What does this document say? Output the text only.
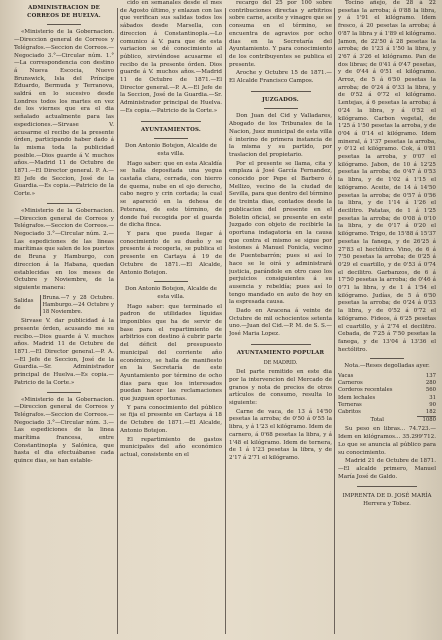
ADMINISTRACION DE CORREOS DE HUELVA.

«Ministerio de la Gobernacion.—Direccion general de Correos y Telégrafos.—Seccion de Correos.—Negociado 3.°—Circular núm. 1.°—La correspondencia con destino á Nueva Escocia, Nuevo Brunswick, Isla del Príncipe Eduardo, Bermuda y Terranova, saldrá en lo sucesivo desde Londres todos los martes en vez de los viernes que era el dia señalado actualmente para las espediciones.—Sirvase V. acusarme el recibo de la presente órden, participando haber dado á la misma toda la publicidad posible.—Dios guarde á V. muchos años.—Madrid 11 de Octubre de 1871.—El Director general. P. A.—El Jefe de Seccion, José de la Guardia.—Es copia.—Patricio de la Corte.»

«Ministerio de la Gobernacion.—Direccion general de Correos y Telégrafos.—Seccion de Correos.—Negociado 3.°—Circular núm. 2.—Las espediciones de las lineas marítimas que salen de los puertos de Bruna y Hamburgo, con direccion á la Habana, quedan establecidas en los meses de Octubre y Noviembre, de la siguiente manera:

Salidas de	Bruna.—7 y 28 Octubre. Hamburgo.—24 Octubre y 18 Noviembre.

Sirvase V. dar publicidad á la presente órden, acusando me su recibo.—Dios guarde á V. muchos años. Madrid 11 de Octubre de 1871.—El Director general.—P. A.—El Jefe de Seccion, José de la Guardia.—Sr. Administrador principal de Huelva.—Es copia.—Patricio de la Corte.»

«Ministerio de la Gobernacion.—Direccion general de Correos y Telégrafos.—Seccion de Correos.—Negociado 3.°—Circular núm. 3.—Las espediciones de la linea marítima francesa, entre Constantinopla y Salónica, que hasta el dia efectuábanse cada quince dias, se han estable-

cido en semanales desde el mes de Agosto último, y enlazan con las que verifican sus salidas todos los sábados desde Marsella, con direccion á Constantinopla.—Lo comunico á V. para que de esta variacion se dé conocimiento al público, sirviéndose acusarme el recibo de la presente órden. Dios guarde á V. muchos años.—Madrid 11 de Octubre de 1871.—El Director general.—P. A.—El Jefe de la Seccion, José de la Guardia.—Sr. Administrador principal de Huelva.—Es copia.—Patricio de la Corte.»

AYUNTAMIENTOS.

Don Antonio Botejon, Alcalde de esta villa.

Hago saber: que en esta Alcaldía se halla depositada una yegua castaña clara, cerrada, con hierro de quema, nube en el ojo derecho, cabo negro y crin cortada; la cual se apareció en la dehesa de Peterana, de este término, de donde fué recogida por el guarda de dicha finca.

Y para que pueda llegar á conocimiento de su dueño y se presente á recogerla, se publica el presente en Cartaya á 19 de Octubre de 1871.—El Alcalde, Antonio Botejon.

Don Antonio Botejon, Alcalde de esta villa.

Hago saber: que terminado el padron de utilidades líquidas imponibles que ha de servir de base para el repartimiento de arbitrios con destino á cubrir parte del déficit del presupuesto municipal del corriente año económico, se halla de manifiesto en la Secretaría de este Ayuntamiento por término de ocho dias para que los interesados puedan hacer las reclamaciones que juzguen oportunas.

Y para conocimiento del público se fija el presente en Cartaya á 18 de Octubre de 1871.—El Alcalde, Antonio Botejon.

El repartimiento de gastos municipales del año económico actual, consistente en el

recargo del 25 por 100 sobre contribuciones directas y arbitrios sobre carne, aceite y vinagre que se consuma en el término, se encuentra de agravios por ocho dias en la Secretaría del Ayuntamiento. Y para conocimiento de los contribuyentes se publica el presente.

Aroche y Octubre 15 de 1871.—El Alcalde Francisco Campos.

JUZGADOS.

Don Juan del Cid y Valladares, Abogado de los Tribunales de la Nacion, Juez municipal de esta villa é interino de primera instancia de la misma y su partido, por traslacion del propietario.

Por el presente se llama, cita y emplaza á José García Fernandez, conocido por Pepe el Barbero ó Mellizo, vecino de la ciudad de Sevilla, para que dentro del término de treinta dias, contados desde la publicacion del presente en el Boletin oficial, se presente en este Juzgado con objeto de recibirle la oportuna indagatoria en la causa que contra el mismo se sigue por lesiones á Manuel Fonicla, vecino de Puentebarrón; pues si así lo hace se le oirá y administrará justicia, parándole en otro caso los perjuicios consiguientes á su ausencia y rebeldía; pues así lo tengo mandado en auto de hoy en la espresada causa.

Dado en Aracena á veinte de Octubre de mil ochocientos setenta uno.—Juan del Cid.—P. M. de S. S.—José Maria Lopez.

AYUNTAMIENTO POPULAR

DE MADRID.

Del parte remitido en este dia por la intervencion del Mercado de granos y nota de precios de otros artículos de consumo, resulta lo siguiente:

Carne de vaca, de 13 á 14'50 pesetas la arroba; de 0'50 á 0'55 la libra, y á 1'23 el kilógramo. Idem de carnero, á 0'68 pesetas la libra, y á 1'48 el kilógramo. Idem de ternera, de 1 á 1'23 pesetas la libra, y de 2'17 á 2'71 el kilógramo.

Tocino añejo, de 28 á 22 pesetas la arroba; á 0'88 la libra, y á 1'91 el kilógramo. Idem fresco, á 20 pesetas la arroba; á 0'87 la libra y á 1'89 el kilógramo. Jamon, de 22'50 á 28 pesetas la arroba; de 1'23 á 1'50 la libra, y 2'67 á 3'26 el kilógramo. Pan de dos libras; de 0'41 á 0'47 pesetas, y de 0'44 á 0'51 el kilógramo. Arroz, de 5 á 6'50 pesetas la arroba; de 0'24 á 0'33 la libra, y de 0'52 á 0'72 el kilógramo. Lentejas, á 6 pesetas la arroba; á 0'24 la libra, y á 0'52 el kilógramo. Carbon vegetal, de 1'25 á 1'50 pesetas la arroba, y de 0'04 á 0'14 el kilógramo. Idem mineral, á 1'37 pesetas la arroba, y 0'12 el kilógramo. Cok, á 0'81 pesetas la arroba, y 0'07 el kilógramo. Jabon, de 10 á 12'25 pesetas la arroba; de 0'47 á 0'53 la libra, y de 1'02 á 1'15 el kilógramo. Aceite, de 14 á 14'50 pesetas la arroba; de 0'57 á 0'56 la libra, y de 1'14 á 1'26 el decilitro. Patatas, de 1 á 1'25 pesetas la arroba; de 0'08 á 0'10 la libra, y de 0'17 á 0'20 el kilógramo. Trigo, de 15'88 á 15'37 pesetas la fanega, y de 26'25 á 27'83 el hectólitro. Vino, de 6 á 7'50 pesetas la arroba; de 0'25 á 0'29 el cuartillo, y de 0'53 á 0'74 el decilitro. Garbanzos, de 6 á 17'50 pesetas la arroba; de 0'46 á 0'71 la libra, y de 1 á 1'54 el kilógramo. Judías, de 5 á 6'50 pesetas la arroba; de 0'24 á 0'33 la libra, y de 0'52 á 0'72 el kilógramo. Fideos, á 6'25 pesetas el cuartillo, y á 2'74 el decilitro. Cebada, de 7'25 á 7'50 pesetas la fanega, y de 13'04 á 13'36 el hectólitro.

Nota.—Reses degolladas ayer.

Vacas	137
Carneros	280
Corderos recentales	560
Idem lechales	31
Terneras	90
Cabritos	182
Total	1080

Su peso en libras... 74.723.—Idem en kilógramos... 35.299'712. Lo que se anuncia al público para su conocimiento.

Madrid 21 de Octubre de 1871.—El alcalde primero, Manuel María José de Galdo.

IMPRENTA DE D. JOSÉ MARÍA Herrera y Tobez.
